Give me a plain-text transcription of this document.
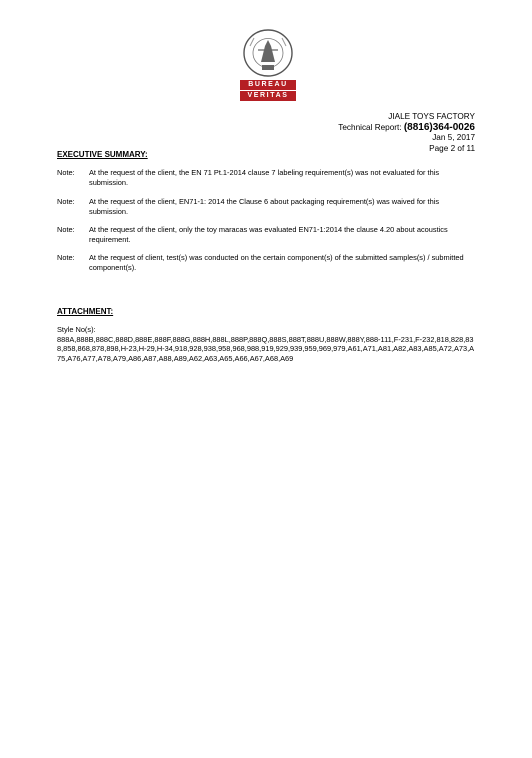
BUREAU
VERITAS
JIALE TOYS FACTORY
Technical Report: (8816)364-0026
Jan 5, 2017
Page 2 of 11
EXECUTIVE SUMMARY:
Note: At the request of the client, the EN 71 Pt.1-2014 clause 7 labeling requirement(s) was not evaluated for this submission.
Note: At the request of the client, EN71-1: 2014 the Clause 6 about packaging requirement(s) was waived for this submission.
Note: At the request of the client, only the toy maracas was evaluated EN71-1:2014 the clause 4.20 about acoustics requirement.
Note: At the request of client, test(s) was conducted on the certain component(s) of the submitted samples(s) / submitted component(s).
ATTACHMENT:
Style No(s):
888A,888B,888C,888D,888E,888F,888G,888H,888L,888P,888Q,888S,888T,888U,888W,888Y,888-111,F-231,F-232,818,828,838,858,868,878,898,H-23,H-29,H-34,918,928,938,958,968,988,919,929,939,959,969,979,A61,A71,A81,A82,A83,A85,A72,A73,A75,A76,A77,A78,A79,A86,A87,A88,A89,A62,A63,A65,A66,A67,A68,A69
